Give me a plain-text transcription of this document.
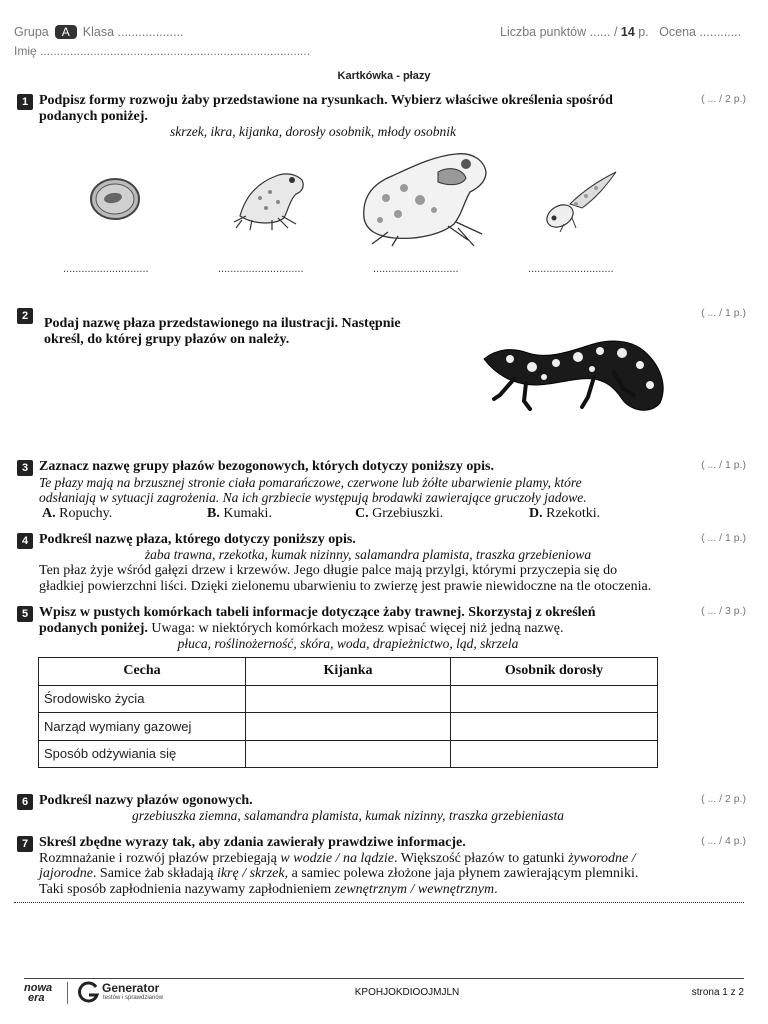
Grupa A Klasa ...................
Imię .................................................................................
Liczba punktów ...... / 14 p. Ocena ............
Kartkówka - płazy
1 Podpisz formy rozwoju żaby przedstawione na rysunkach. Wybierz właściwe określenia spośród podanych poniżej.
( ... / 2 p.)
skrzek, ikra, kijanka, dorosły osobnik, młody osobnik
............................	............................	............................	............................
2	Podaj nazwę płaza przedstawionego na ilustracji. Następnie
określ, do której grupy płazów on należy.
( ... / 1 p.)
3 Zaznacz nazwę grupy płazów bezogonowych, których dotyczy poniższy opis.
Te płazy mają na brzusznej stronie ciała pomarańczowe, czerwone lub żółte ubarwienie plamy, które
odsłaniają w sytuacji zagrożenia. Na ich grzbiecie występują brodawki zawierające gruczoły jadowe.
( ... / 1 p.)
A. Ropuchy.	B. Kumaki.	C. Grzebiuszki.	D. Rzekotki.
4 Podkreśl nazwę płaza, którego dotyczy poniższy opis.	( ... / 1 p.)
żaba trawna, rzekotka, kumak nizinny, salamandra plamista, traszka grzebieniowa
Ten płaz żyje wśród gałęzi drzew i krzewów. Jego długie palce mają przylgi, którymi przyczepia się do
gładkiej powierzchni liści. Dzięki zielonemu ubarwieniu to zwierzę jest prawie niewidoczne na tle otoczenia.
5 Wpisz w pustych komórkach tabeli informacje dotyczące żaby trawnej. Skorzystaj z określeń
podanych poniżej. Uwaga: w niektórych komórkach możesz wpisać więcej niż jedną nazwę.
( ... / 3 p.)
płuca, roślinożerność, skóra, woda, drapieżnictwo, ląd, skrzela
Cecha	Kijanka	Osobnik dorosły
Środowisko życia		
Narząd wymiany gazowej		
Sposób odżywiania się		
6 Podkreśl nazwy płazów ogonowych.	( ... / 2 p.)
grzebiuszka ziemna, salamandra plamista, kumak nizinny, traszka grzebieniasta
7 Skreśl zbędne wyrazy tak, aby zdania zawierały prawdziwe informacje.
Rozmnażanie i rozwój płazów przebiegają w wodzie / na lądzie. Większość płazów to gatunki żyworodne /
jajorodne. Samice żab składają ikrę / skrzek, a samiec polewa złożone jaja płynem zawierającym plemniki.
Taki sposób zapłodnienia nazywamy zapłodnieniem zewnętrznym / wewnętrznym.
( ... / 4 p.)
nowa
era
Generator
testów i sprawdzianów	KPOHJOKDIOOJMJLN	strona 1 z 2
